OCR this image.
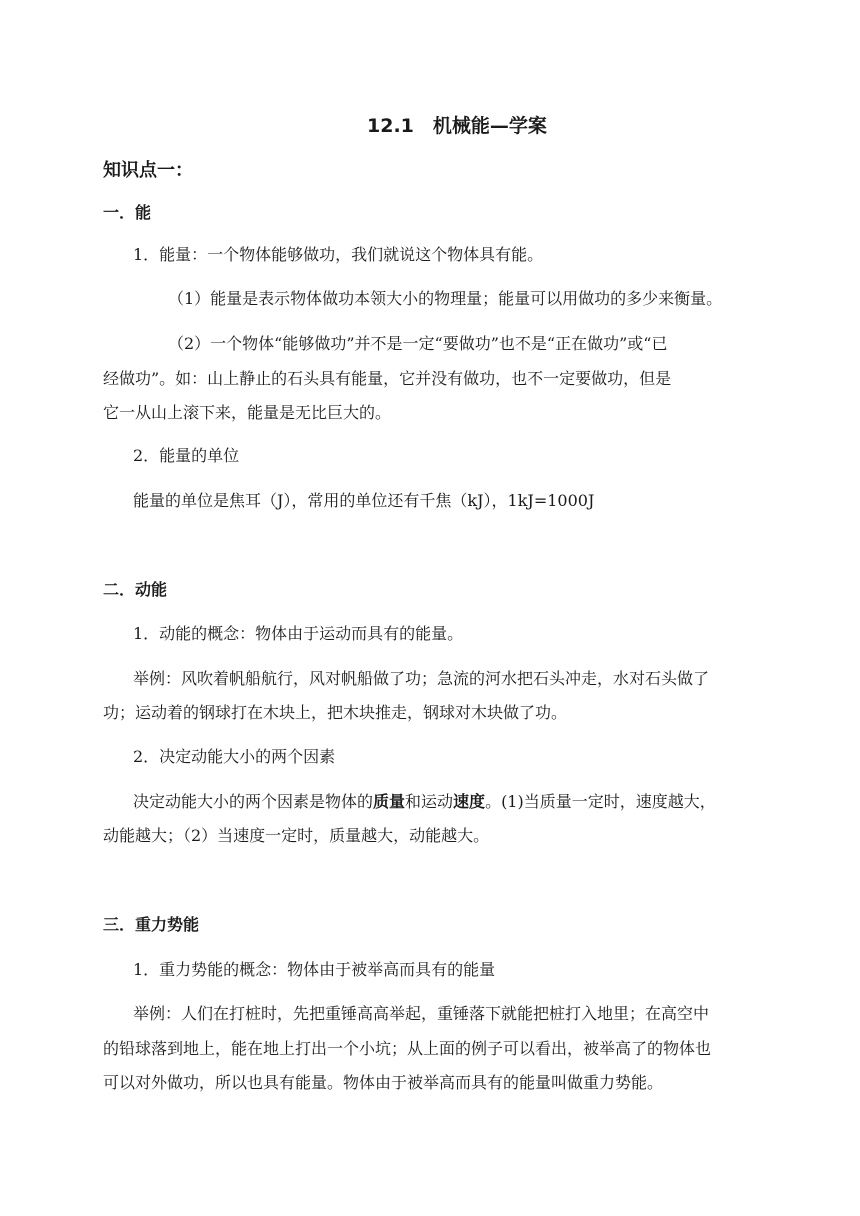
12.1　机械能—学案
知识点一：
一．能
1．能量：一个物体能够做功，我们就说这个物体具有能。
（1）能量是表示物体做功本领大小的物理量；能量可以用做功的多少来衡量。
（2）一个物体“能够做功”并不是一定“要做功”也不是“正在做功”或“已
经做功”。如：山上静止的石头具有能量，它并没有做功，也不一定要做功，但是
它一从山上滚下来，能量是无比巨大的。
2．能量的单位
能量的单位是焦耳（J），常用的单位还有千焦（kJ），1kJ=1000J
二．动能
1．动能的概念：物体由于运动而具有的能量。
举例：风吹着帆船航行，风对帆船做了功；急流的河水把石头冲走，水对石头做了
功；运动着的钢球打在木块上，把木块推走，钢球对木块做了功。
2．决定动能大小的两个因素
决定动能大小的两个因素是物体的质量和运动速度。(1)当质量一定时，速度越大，
动能越大；（2）当速度一定时，质量越大，动能越大。
三．重力势能
1．重力势能的概念：物体由于被举高而具有的能量
举例：人们在打桩时，先把重锤高高举起，重锤落下就能把桩打入地里；在高空中
的铅球落到地上，能在地上打出一个小坑；从上面的例子可以看出，被举高了的物体也
可以对外做功，所以也具有能量。物体由于被举高而具有的能量叫做重力势能。
